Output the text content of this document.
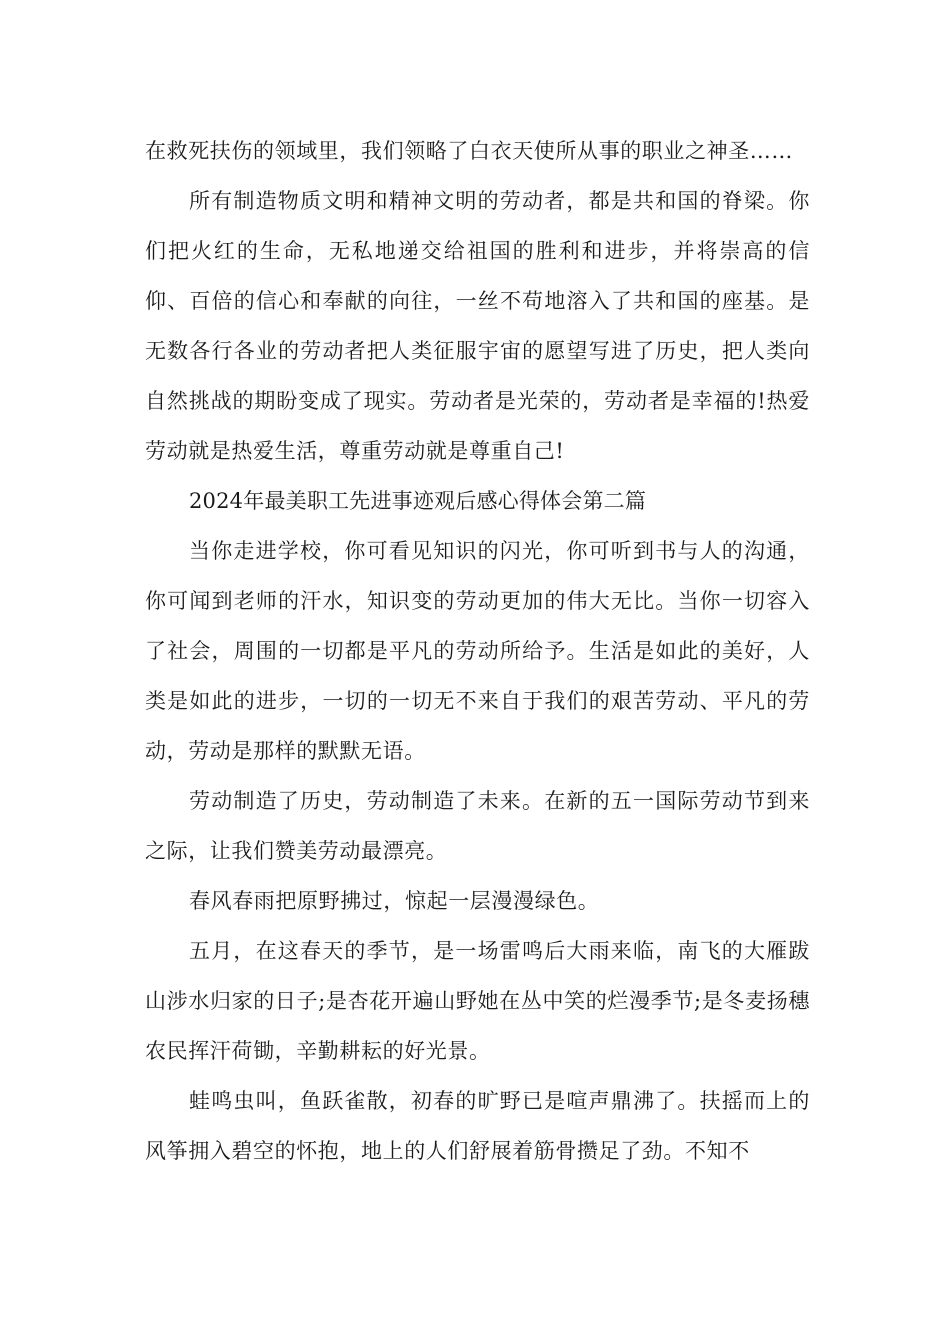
在救死扶伤的领域里，我们领略了白衣天使所从事的职业之神圣……

所有制造物质文明和精神文明的劳动者，都是共和国的脊梁。你们把火红的生命，无私地递交给祖国的胜利和进步，并将崇高的信仰、百倍的信心和奉献的向往，一丝不苟地溶入了共和国的座基。是无数各行各业的劳动者把人类征服宇宙的愿望写进了历史，把人类向自然挑战的期盼变成了现实。劳动者是光荣的，劳动者是幸福的!热爱劳动就是热爱生活，尊重劳动就是尊重自己!

2024年最美职工先进事迹观后感心得体会第二篇

当你走进学校，你可看见知识的闪光，你可听到书与人的沟通，你可闻到老师的汗水，知识变的劳动更加的伟大无比。当你一切容入了社会，周围的一切都是平凡的劳动所给予。生活是如此的美好，人类是如此的进步，一切的一切无不来自于我们的艰苦劳动、平凡的劳动，劳动是那样的默默无语。

劳动制造了历史，劳动制造了未来。在新的五一国际劳动节到来之际，让我们赞美劳动最漂亮。

春风春雨把原野拂过，惊起一层漫漫绿色。

五月，在这春天的季节，是一场雷鸣后大雨来临，南飞的大雁跋山涉水归家的日子;是杏花开遍山野她在丛中笑的烂漫季节;是冬麦扬穗农民挥汗荷锄，辛勤耕耘的好光景。

蛙鸣虫叫，鱼跃雀散，初春的旷野已是喧声鼎沸了。扶摇而上的风筝拥入碧空的怀抱，地上的人们舒展着筋骨攒足了劲。不知不
